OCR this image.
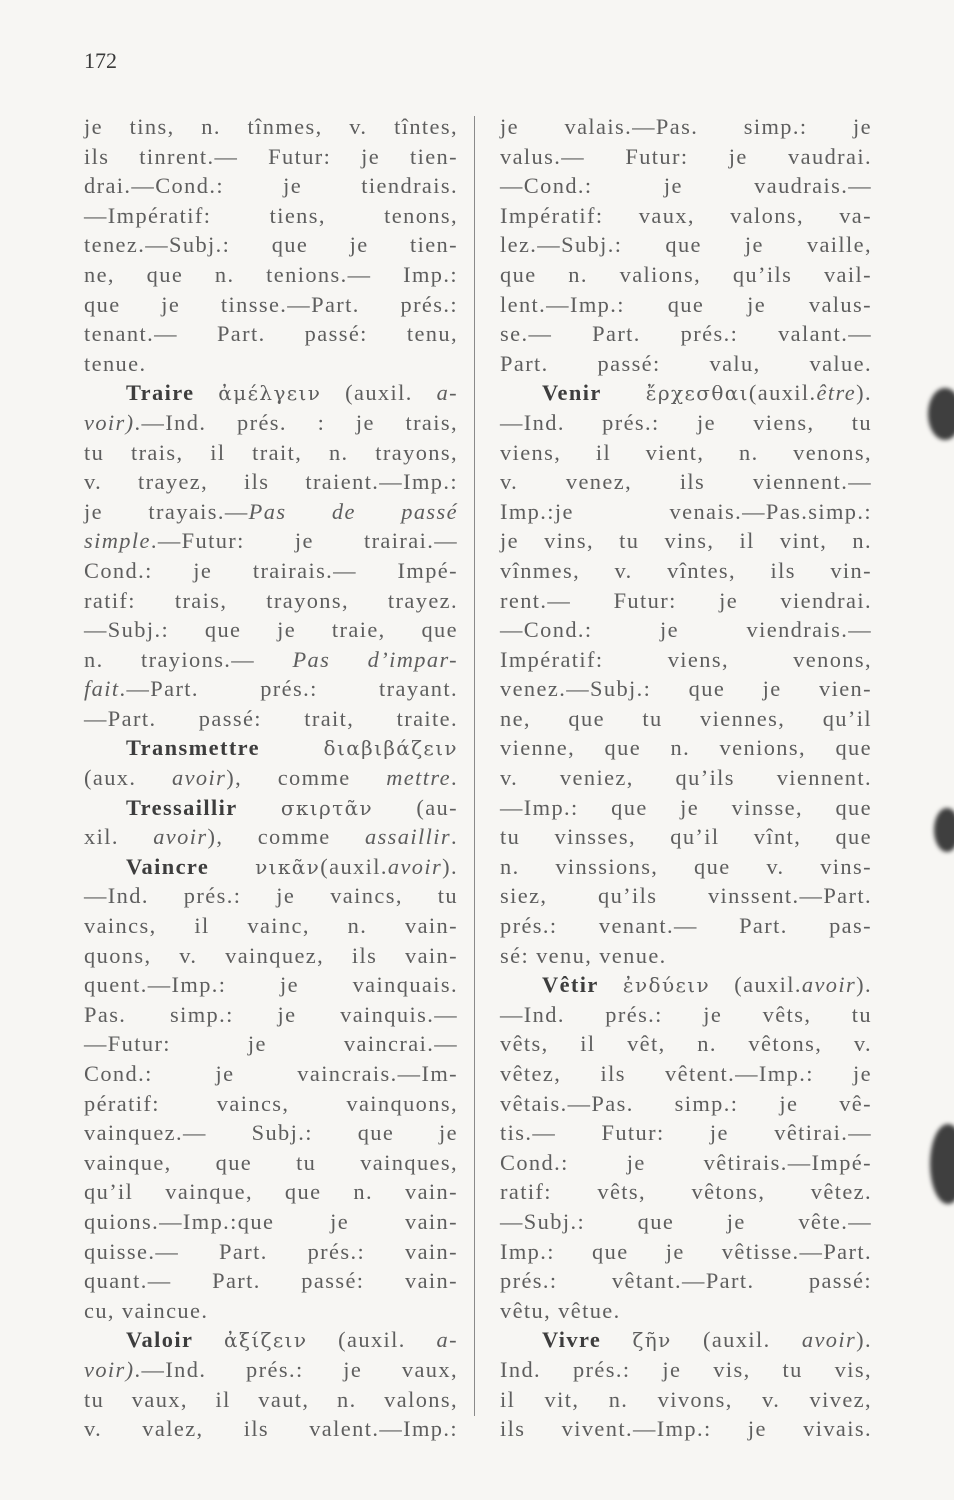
172
je tins, n. tînmes, v. tîntes,
ils tinrent.— Futur: je tien-
drai.—Cond.: je tiendrais.
—Impératif: tiens, tenons,
tenez.—Subj.: que je tien-
ne, que n. tenions.— Imp.:
que je tinsse.—Part. prés.:
tenant.— Part. passé: tenu,
tenue.
Traire ἀμέλγειν (auxil. a-
voir).—Ind. prés. : je trais,
tu trais, il trait, n. trayons,
v. trayez, ils traient.—Imp.:
je trayais.—Pas de passé
simple.—Futur: je trairai.—
Cond.: je trairais.— Impé-
ratif: trais, trayons, trayez.
—Subj.: que je traie, que
n. trayions.— Pas d’impar-
fait.—Part. prés.: trayant.
—Part. passé: trait, traite.
Transmettre	διαβιβάζειν
(aux. avoir), comme mettre.
Tressaillir σκιρτᾶν (au-
xil. avoir), comme assaillir.
Vaincre νικᾶν(auxil.avoir).
—Ind. prés.: je vaincs, tu
vaincs, il vainc, n. vain-
quons, v. vainquez, ils vain-
quent.—Imp.: je vainquais.
Pas. simp.: je vainquis.—
—Futur: je vaincrai.—
Cond.: je vaincrais.—Im-
pératif: vaincs, vainquons,
vainquez.— Subj.: que je
vainque, que tu vainques,
qu’il vainque, que n. vain-
quions.—Imp.:que je vain-
quisse.— Part. prés.: vain-
quant.— Part. passé: vain-
cu, vaincue.
Valoir ἀξίζειν (auxil. a-
voir).—Ind. prés.: je vaux,
tu vaux, il vaut, n. valons,
v. valez, ils valent.—Imp.:
je valais.—Pas. simp.: je
valus.— Futur: je vaudrai.
—Cond.: je vaudrais.—
Impératif: vaux, valons, va-
lez.—Subj.: que je vaille,
que n. valions, qu’ils vail-
lent.—Imp.: que je valus-
se.— Part. prés.: valant.—
Part. passé: valu, value.
Venir ἔρχεσθαι(auxil.être).
—Ind. prés.: je viens, tu
viens, il vient, n. venons,
v. venez, ils viennent.—
Imp.:je venais.—Pas.simp.:
je vins, tu vins, il vint, n.
vînmes, v. vîntes, ils vin-
rent.— Futur: je viendrai.
—Cond.: je viendrais.—
Impératif: viens, venons,
venez.—Subj.: que je vien-
ne, que tu viennes, qu’il
vienne, que n. venions, que
v. veniez, qu’ils viennent.
—Imp.: que je vinsse, que
tu vinsses, qu’il vînt, que
n. vinssions, que v. vins-
siez, qu’ils vinssent.—Part.
prés.: venant.— Part. pas-
sé: venu, venue.
Vêtir ἐνδύειν (auxil.avoir).
—Ind. prés.: je vêts, tu
vêts, il vêt, n. vêtons, v.
vêtez, ils vêtent.—Imp.: je
vêtais.—Pas. simp.: je vê-
tis.— Futur: je vêtirai.—
Cond.: je vêtirais.—Impé-
ratif: vêts, vêtons, vêtez.
—Subj.: que je vête.—
Imp.: que je vêtisse.—Part.
prés.: vêtant.—Part. passé:
vêtu, vêtue.
Vivre ζῆν (auxil. avoir).
Ind. prés.: je vis, tu vis,
il vit, n. vivons, v. vivez,
ils vivent.—Imp.: je vivais.
